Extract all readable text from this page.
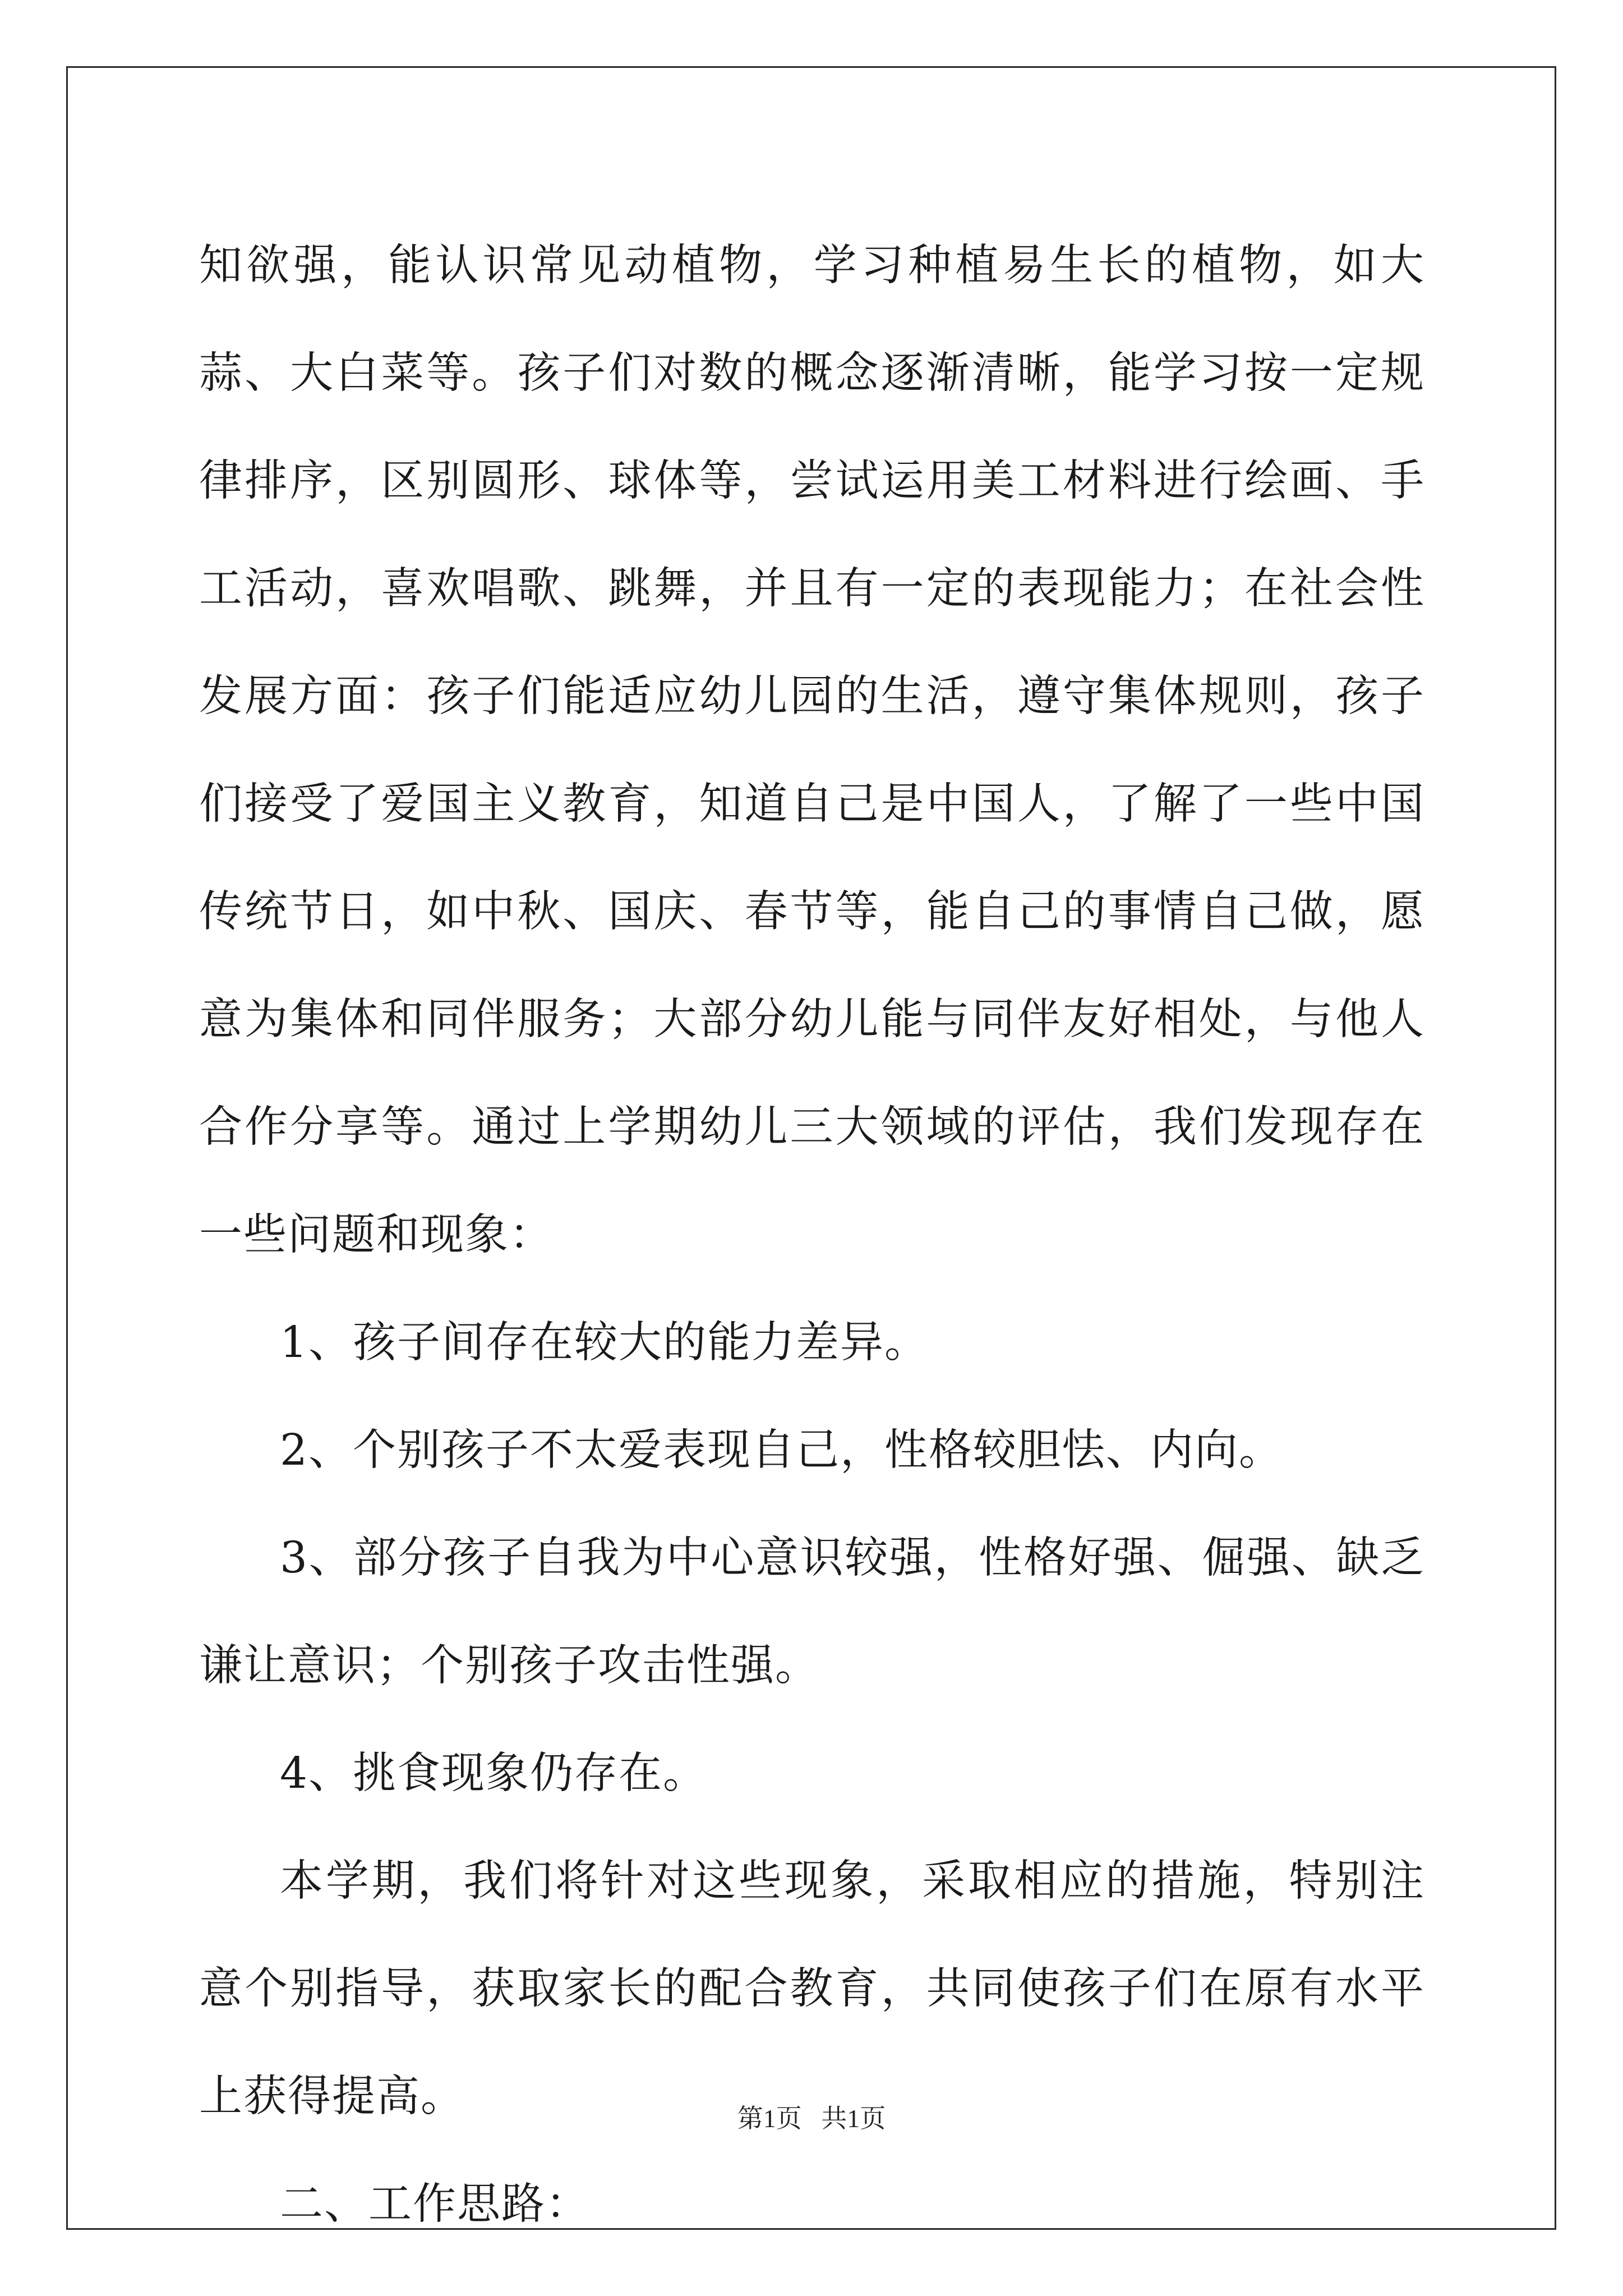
知欲强，能认识常见动植物，学习种植易生长的植物，如大蒜、大白菜等。孩子们对数的概念逐渐清晰，能学习按一定规律排序，区别圆形、球体等，尝试运用美工材料进行绘画、手工活动，喜欢唱歌、跳舞，并且有一定的表现能力；在社会性发展方面：孩子们能适应幼儿园的生活，遵守集体规则，孩子们接受了爱国主义教育，知道自己是中国人，了解了一些中国传统节日，如中秋、国庆、春节等，能自己的事情自己做，愿意为集体和同伴服务；大部分幼儿能与同伴友好相处，与他人合作分享等。通过上学期幼儿三大领域的评估，我们发现存在一些问题和现象：

1、孩子间存在较大的能力差异。

2、个别孩子不太爱表现自己，性格较胆怯、内向。

3、部分孩子自我为中心意识较强，性格好强、倔强、缺乏谦让意识；个别孩子攻击性强。

4、挑食现象仍存在。

本学期，我们将针对这些现象，采取相应的措施，特别注意个别指导，获取家长的配合教育，共同使孩子们在原有水平上获得提高。

二、工作思路：

第1页   共1页
